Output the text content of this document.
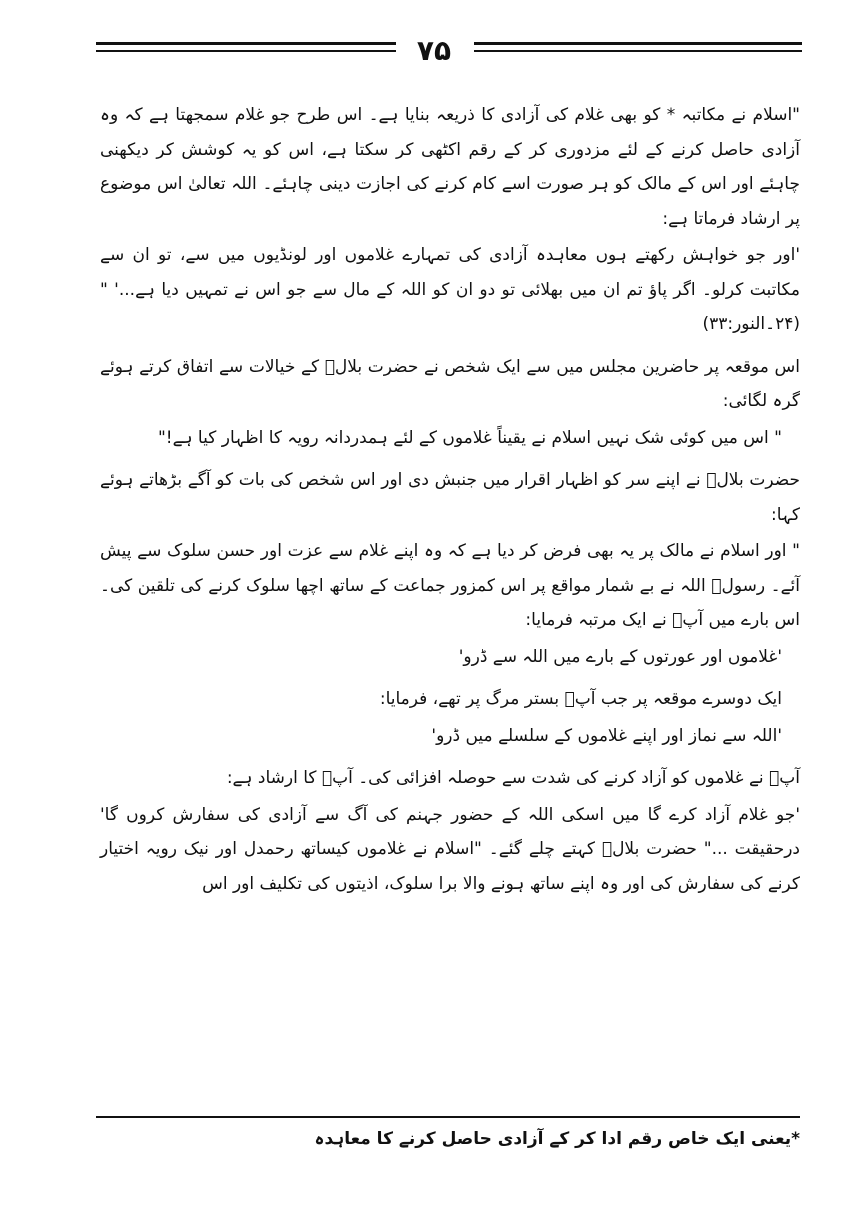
۷۵

"اسلام نے مکاتبہ * کو بھی غلام کی آزادی کا ذریعہ بنایا ہے۔ اس طرح جو غلام سمجھتا ہے کہ وہ آزادی حاصل کرنے کے لئے مزدوری کر کے رقم اکٹھی کر سکتا ہے، اس کو یہ کوشش کر دیکھنی چاہئے اور اس کے مالک کو ہر صورت اسے کام کرنے کی اجازت دینی چاہئے۔ اللہ تعالیٰ اس موضوع پر ارشاد فرماتا ہے:

'اور جو خواہش رکھتے ہوں معاہدہ آزادی کی تمہارے غلاموں اور لونڈیوں میں سے، تو ان سے مکاتبت کرلو۔ اگر پاؤ تم ان میں بھلائی تو دو ان کو اللہ کے مال سے جو اس نے تمہیں دیا ہے...' "(۲۴۔النور:۳۳)

اس موقعہ پر حاضرین مجلس میں سے ایک شخص نے حضرت بلالؓ کے خیالات سے اتفاق کرتے ہوئے گرہ لگائی:

" اس میں کوئی شک نہیں اسلام نے یقیناً غلاموں کے لئے ہمدردانہ رویہ کا اظہار کیا ہے!"

حضرت بلالؓ نے اپنے سر کو اظہار اقرار میں جنبش دی اور اس شخص کی بات کو آگے بڑھاتے ہوئے کہا:

" اور اسلام نے مالک پر یہ بھی فرض کر دیا ہے کہ وہ اپنے غلام سے عزت اور حسن سلوک سے پیش آئے۔ رسولؐ اللہ نے بے شمار مواقع پر اس کمزور جماعت کے ساتھ اچھا سلوک کرنے کی تلقین کی۔ اس بارے میں آپؐ نے ایک مرتبہ فرمایا:

'غلاموں اور عورتوں کے بارے میں اللہ سے ڈرو'

ایک دوسرے موقعہ پر جب آپؐ بستر مرگ پر تھے، فرمایا:

'اللہ سے نماز اور اپنے غلاموں کے سلسلے میں ڈرو'

آپؐ نے غلاموں کو آزاد کرنے کی شدت سے حوصلہ افزائی کی۔ آپؐ کا ارشاد ہے:

'جو غلام آزاد کرے گا میں اسکی اللہ کے حضور جہنم کی آگ سے آزادی کی سفارش کروں گا' درحقیقت ..." حضرت بلالؓ کہتے چلے گئے۔ "اسلام نے غلاموں کیساتھ رحمدل اور نیک رویہ اختیار کرنے کی سفارش کی اور وہ اپنے ساتھ ہونے والا برا سلوک، اذیتوں کی تکلیف اور اس

*یعنی ایک خاص رقم ادا کر کے آزادی حاصل کرنے کا معاہدہ
